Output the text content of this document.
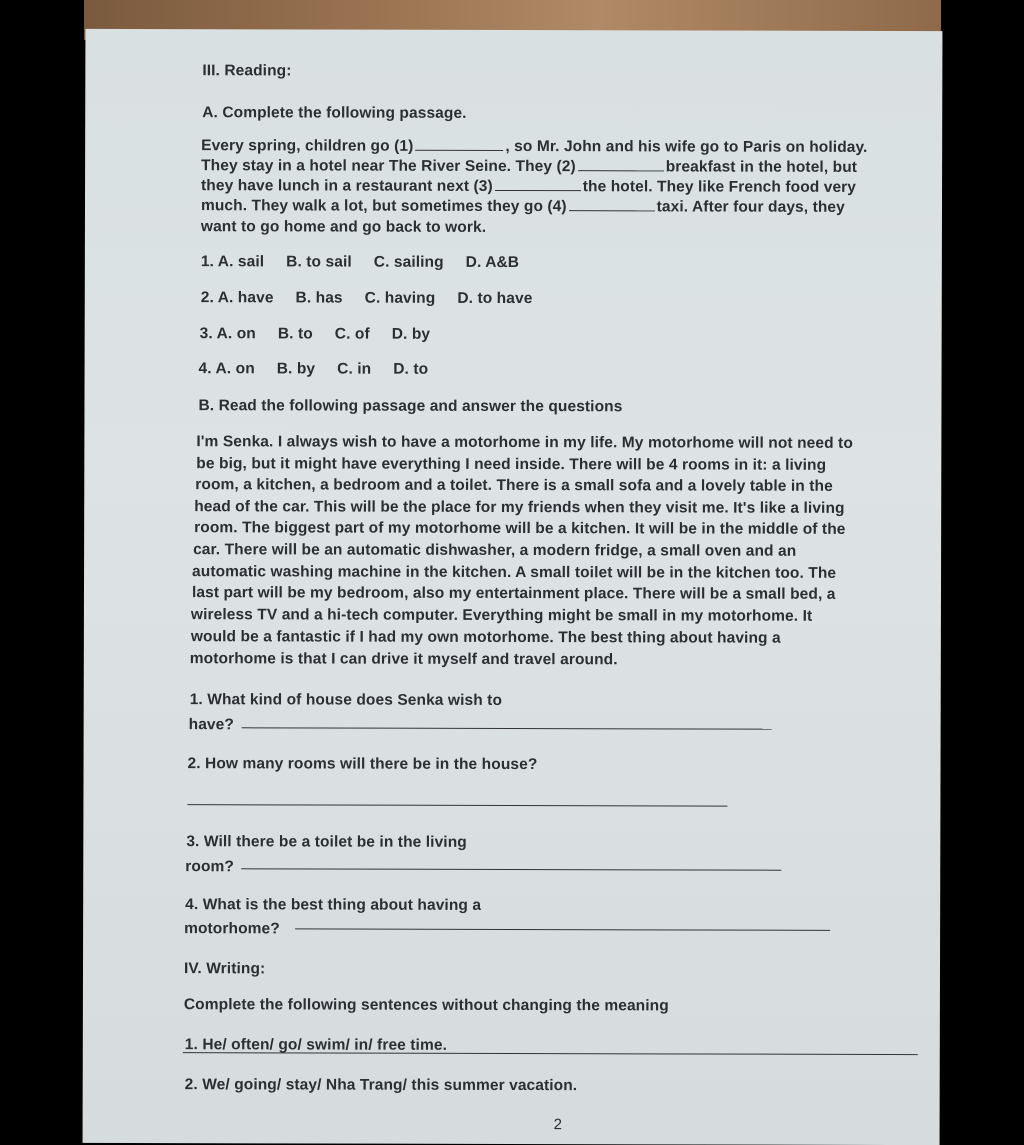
III. Reading:
A. Complete the following passage.
Every spring, children go (1)	, so Mr. John and his wife go to Paris on holiday.
They stay in a hotel near The River Seine. They (2)	breakfast in the hotel, but
they have lunch in a restaurant next (3)	the hotel. They like French food very
much. They walk a lot, but sometimes they go (4)	taxi. After four days, they
want to go home and go back to work.
1. A. sail B. to sail C. sailing D. A&B
2. A. have B. has C. having D. to have
3. A. on B. to C. of D. by
4. A. on B. by C. in D. to
B. Read the following passage and answer the questions
I'm Senka. I always wish to have a motorhome in my life. My motorhome will not need to
be big, but it might have everything I need inside. There will be 4 rooms in it: a living
room, a kitchen, a bedroom and a toilet. There is a small sofa and a lovely table in the
head of the car. This will be the place for my friends when they visit me. It's like a living
room. The biggest part of my motorhome will be a kitchen. It will be in the middle of the
car. There will be an automatic dishwasher, a modern fridge, a small oven and an
automatic washing machine in the kitchen. A small toilet will be in the kitchen too. The
last part will be my bedroom, also my entertainment place. There will be a small bed, a
wireless TV and a hi-tech computer. Everything might be small in my motorhome. It
would be a fantastic if I had my own motorhome. The best thing about having a
motorhome is that I can drive it myself and travel around.
1. What kind of house does Senka wish to
have?
2. How many rooms will there be in the house?
3. Will there be a toilet be in the living
room?
4. What is the best thing about having a
motorhome?
IV. Writing:
Complete the following sentences without changing the meaning
1. He/ often/ go/ swim/ in/ free time.
2. We/ going/ stay/ Nha Trang/ this summer vacation.
2
